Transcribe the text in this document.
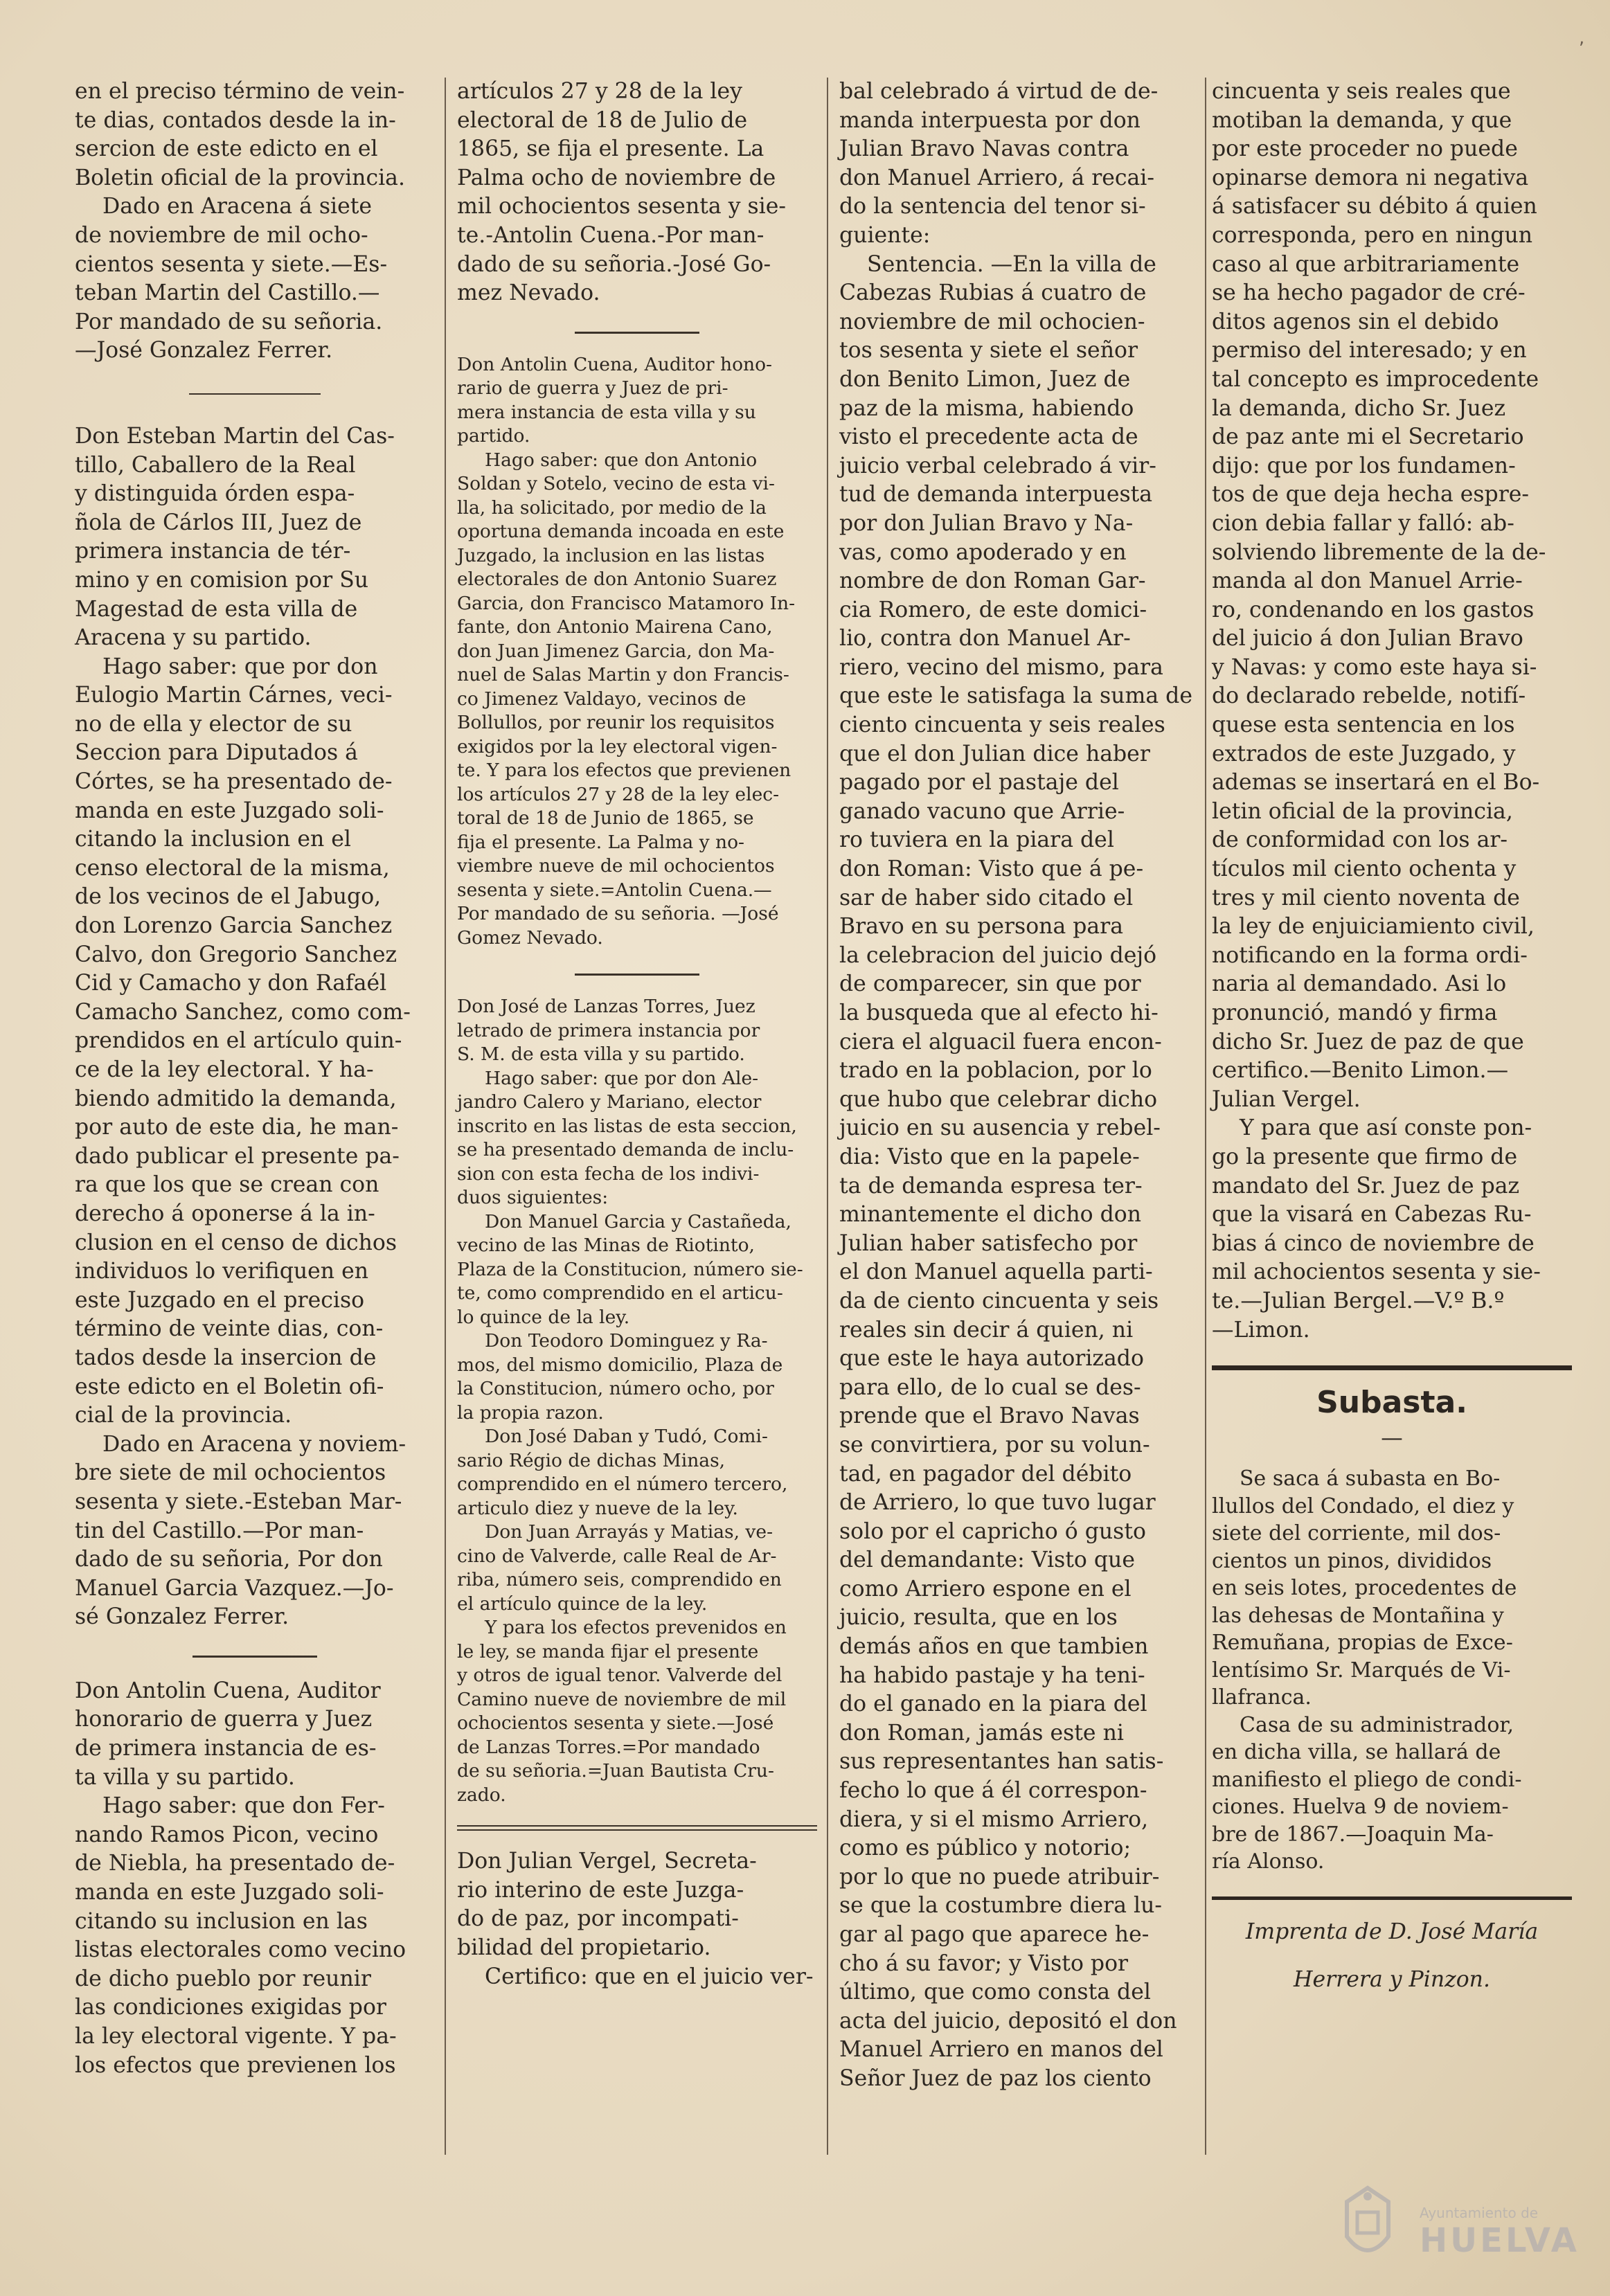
en el preciso término de vein-

te dias, contados desde la in-

sercion de este edicto en el

Boletin oficial de la provincia.

Dado en Aracena á siete

de noviembre de mil ocho-

cientos sesenta y siete.—Es-

teban Martin del Castillo.—

Por mandado de su señoria.

—José Gonzalez Ferrer.

Don Esteban Martin del Cas-

tillo, Caballero de la Real

y distinguida órden espa-

ñola de Cárlos III, Juez de

primera instancia de tér-

mino y en comision por Su

Magestad de esta villa de

Aracena y su partido.

Hago saber: que por don

Eulogio Martin Cárnes, veci-

no de ella y elector de su

Seccion para Diputados á

Córtes, se ha presentado de-

manda en este Juzgado soli-

citando la inclusion en el

censo electoral de la misma,

de los vecinos de el Jabugo,

don Lorenzo Garcia Sanchez

Calvo, don Gregorio Sanchez

Cid y Camacho y don Rafaél

Camacho Sanchez, como com-

prendidos en el artículo quin-

ce de la ley electoral. Y ha-

biendo admitido la demanda,

por auto de este dia, he man-

dado publicar el presente pa-

ra que los que se crean con

derecho á oponerse á la in-

clusion en el censo de dichos

individuos lo verifiquen en

este Juzgado en el preciso

término de veinte dias, con-

tados desde la insercion de

este edicto en el Boletin ofi-

cial de la provincia.

Dado en Aracena y noviem-

bre siete de mil ochocientos

sesenta y siete.-Esteban Mar-

tin del Castillo.—Por man-

dado de su señoria, Por don

Manuel Garcia Vazquez.—Jo-

sé Gonzalez Ferrer.

Don Antolin Cuena, Auditor

honorario de guerra y Juez

de primera instancia de es-

ta villa y su partido.

Hago saber: que don Fer-

nando Ramos Picon, vecino

de Niebla, ha presentado de-

manda en este Juzgado soli-

citando su inclusion en las

listas electorales como vecino

de dicho pueblo por reunir

las condiciones exigidas por

la ley electoral vigente. Y pa-

los efectos que previenen los

artículos 27 y 28 de la ley

electoral de 18 de Julio de

1865, se fija el presente. La

Palma ocho de noviembre de

mil ochocientos sesenta y sie-

te.-Antolin Cuena.-Por man-

dado de su señoria.-José Go-

mez Nevado.

Don Antolin Cuena, Auditor hono-

rario de guerra y Juez de pri-

mera instancia de esta villa y su

partido.

Hago saber: que don Antonio

Soldan y Sotelo, vecino de esta vi-

lla, ha solicitado, por medio de la

oportuna demanda incoada en este

Juzgado, la inclusion en las listas

electorales de don Antonio Suarez

Garcia, don Francisco Matamoro In-

fante, don Antonio Mairena Cano,

don Juan Jimenez Garcia, don Ma-

nuel de Salas Martin y don Francis-

co Jimenez Valdayo, vecinos de

Bollullos, por reunir los requisitos

exigidos por la ley electoral vigen-

te. Y para los efectos que previenen

los artículos 27 y 28 de la ley elec-

toral de 18 de Junio de 1865, se

fija el presente. La Palma y no-

viembre nueve de mil ochocientos

sesenta y siete.=Antolin Cuena.—

Por mandado de su señoria. —José

Gomez Nevado.

Don José de Lanzas Torres, Juez

letrado de primera instancia por

S. M. de esta villa y su partido.

Hago saber: que por don Ale-

jandro Calero y Mariano, elector

inscrito en las listas de esta seccion,

se ha presentado demanda de inclu-

sion con esta fecha de los indivi-

duos siguientes:

Don Manuel Garcia y Castañeda,

vecino de las Minas de Riotinto,

Plaza de la Constitucion, número sie-

te, como comprendido en el articu-

lo quince de la ley.

Don Teodoro Dominguez y Ra-

mos, del mismo domicilio, Plaza de

la Constitucion, número ocho, por

la propia razon.

Don José Daban y Tudó, Comi-

sario Régio de dichas Minas,

comprendido en el número tercero,

articulo diez y nueve de la ley.

Don Juan Arrayás y Matias, ve-

cino de Valverde, calle Real de Ar-

riba, número seis, comprendido en

el artículo quince de la ley.

Y para los efectos prevenidos en

le ley, se manda fijar el presente

y otros de igual tenor. Valverde del

Camino nueve de noviembre de mil

ochocientos sesenta y siete.—José

de Lanzas Torres.=Por mandado

de su señoria.=Juan Bautista Cru-

zado.

Don Julian Vergel, Secreta-

rio interino de este Juzga-

do de paz, por incompati-

bilidad del propietario.

Certifico: que en el juicio ver-

bal celebrado á virtud de de-

manda interpuesta por don

Julian Bravo Navas contra

don Manuel Arriero, á recai-

do la sentencia del tenor si-

guiente:

Sentencia. —En la villa de

Cabezas Rubias á cuatro de

noviembre de mil ochocien-

tos sesenta y siete el señor

don Benito Limon, Juez de

paz de la misma, habiendo

visto el precedente acta de

juicio verbal celebrado á vir-

tud de demanda interpuesta

por don Julian Bravo y Na-

vas, como apoderado y en

nombre de don Roman Gar-

cia Romero, de este domici-

lio, contra don Manuel Ar-

riero, vecino del mismo, para

que este le satisfaga la suma de

ciento cincuenta y seis reales

que el don Julian dice haber

pagado por el pastaje del

ganado vacuno que Arrie-

ro tuviera en la piara del

don Roman: Visto que á pe-

sar de haber sido citado el

Bravo en su persona para

la celebracion del juicio dejó

de comparecer, sin que por

la busqueda que al efecto hi-

ciera el alguacil fuera encon-

trado en la poblacion, por lo

que hubo que celebrar dicho

juicio en su ausencia y rebel-

dia: Visto que en la papele-

ta de demanda espresa ter-

minantemente el dicho don

Julian haber satisfecho por

el don Manuel aquella parti-

da de ciento cincuenta y seis

reales sin decir á quien, ni

que este le haya autorizado

para ello, de lo cual se des-

prende que el Bravo Navas

se convirtiera, por su volun-

tad, en pagador del débito

de Arriero, lo que tuvo lugar

solo por el capricho ó gusto

del demandante: Visto que

como Arriero espone en el

juicio, resulta, que en los

demás años en que tambien

ha habido pastaje y ha teni-

do el ganado en la piara del

don Roman, jamás este ni

sus representantes han satis-

fecho lo que á él correspon-

diera, y si el mismo Arriero,

como es público y notorio;

por lo que no puede atribuir-

se que la costumbre diera lu-

gar al pago que aparece he-

cho á su favor; y Visto por

último, que como consta del

acta del juicio, depositó el don

Manuel Arriero en manos del

Señor Juez de paz los ciento

cincuenta y seis reales que

motiban la demanda, y que

por este proceder no puede

opinarse demora ni negativa

á satisfacer su débito á quien

corresponda, pero en ningun

caso al que arbitrariamente

se ha hecho pagador de cré-

ditos agenos sin el debido

permiso del interesado; y en

tal concepto es improcedente

la demanda, dicho Sr. Juez

de paz ante mi el Secretario

dijo: que por los fundamen-

tos de que deja hecha espre-

cion debia fallar y falló: ab-

solviendo libremente de la de-

manda al don Manuel Arrie-

ro, condenando en los gastos

del juicio á don Julian Bravo

y Navas: y como este haya si-

do declarado rebelde, notifí-

quese esta sentencia en los

extrados de este Juzgado, y

ademas se insertará en el Bo-

letin oficial de la provincia,

de conformidad con los ar-

tículos mil ciento ochenta y

tres y mil ciento noventa de

la ley de enjuiciamiento civil,

notificando en la forma ordi-

naria al demandado. Asi lo

pronunció, mandó y firma

dicho Sr. Juez de paz de que

certifico.—Benito Limon.—

Julian Vergel.

Y para que así conste pon-

go la presente que firmo de

mandato del Sr. Juez de paz

que la visará en Cabezas Ru-

bias á cinco de noviembre de

mil achocientos sesenta y sie-

te.—Julian Bergel.—V.º B.º

—Limon.

Subasta.
—

Se saca á subasta en Bo-

llullos del Condado, el diez y

siete del corriente, mil dos-

cientos un pinos, divididos

en seis lotes, procedentes de

las dehesas de Montañina y

Remuñana, propias de Exce-

lentísimo Sr. Marqués de Vi-

llafranca.

Casa de su administrador,

en dicha villa, se hallará de

manifiesto el pliego de condi-

ciones. Huelva 9 de noviem-

bre de 1867.—Joaquin Ma-

ría Alonso.

Imprenta de D. José María
Herrera y Pinzon.
,
Ayuntamiento de
HUELVA
